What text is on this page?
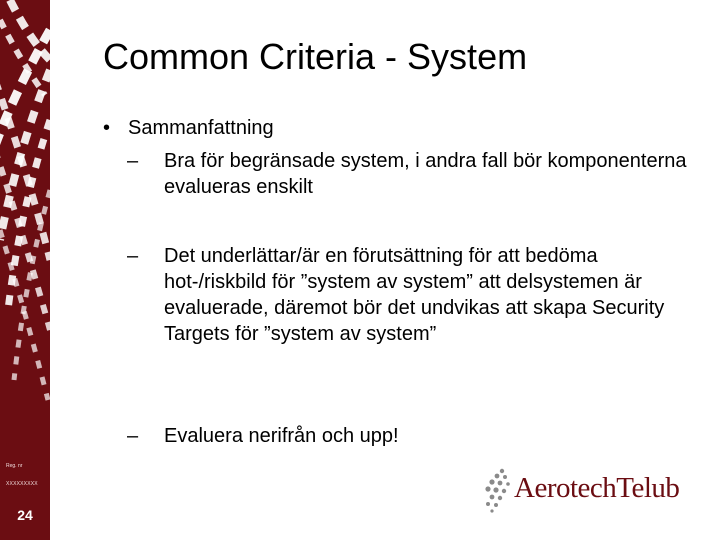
Reg. nr
XXXXXXXXX
24
Common Criteria - System
• Sammanfattning
– Bra för begränsade system, i andra fall bör komponenterna evalueras enskilt
– Det underlättar/är en förutsättning för att bedöma hot-/riskbild för ”system av system” att delsystemen är evaluerade, däremot bör det undvikas att skapa Security Targets för ”system av system”
– Evaluera nerifrån och upp!
AerotechTelub
